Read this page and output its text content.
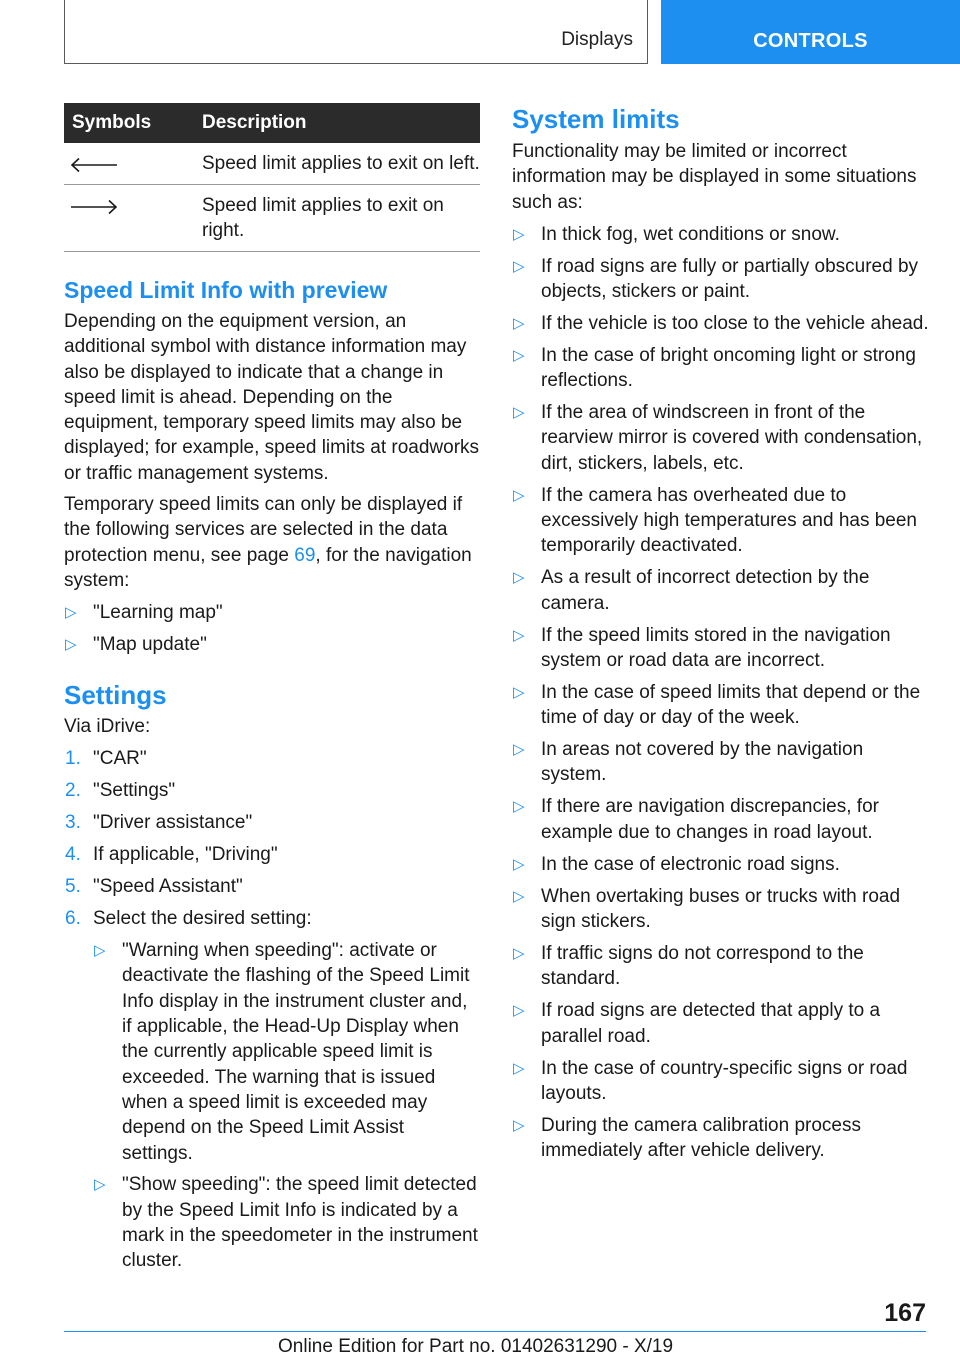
Displays	CONTROLS
Symbols	Description

	Speed limit applies to exit on left.

	Speed limit applies to exit on right.
Speed Limit Info with preview

Depending on the equipment version, an additional symbol with distance information may also be displayed to indicate that a change in speed limit is ahead. Depending on the equipment, temporary speed limits may also be displayed; for example, speed limits at roadworks or traffic management systems.

Temporary speed limits can only be displayed if the following services are selected in the data protection menu, see page 69, for the navigation system:

▷ "Learning map"
▷ "Map update"
Settings

Via iDrive:

1. "CAR"
2. "Settings"
3. "Driver assistance"
4. If applicable, "Driving"
5. "Speed Assistant"
6. Select the desired setting:
▷ "Warning when speeding": activate or deactivate the flashing of the Speed Limit Info display in the instrument cluster and, if applicable, the Head-Up Display when the currently applicable speed limit is exceeded. The warning that is issued when a speed limit is exceeded may depend on the Speed Limit Assist settings.
▷ "Show speeding": the speed limit detected by the Speed Limit Info is indicated by a mark in the speedometer in the instrument cluster.
System limits

Functionality may be limited or incorrect information may be displayed in some situations such as:

▷ In thick fog, wet conditions or snow.
▷ If road signs are fully or partially obscured by objects, stickers or paint.
▷ If the vehicle is too close to the vehicle ahead.
▷ In the case of bright oncoming light or strong reflections.
▷ If the area of windscreen in front of the rearview mirror is covered with condensation, dirt, stickers, labels, etc.
▷ If the camera has overheated due to excessively high temperatures and has been temporarily deactivated.
▷ As a result of incorrect detection by the camera.
▷ If the speed limits stored in the navigation system or road data are incorrect.
▷ In the case of speed limits that depend or the time of day or day of the week.
▷ In areas not covered by the navigation system.
▷ If there are navigation discrepancies, for example due to changes in road layout.
▷ In the case of electronic road signs.
▷ When overtaking buses or trucks with road sign stickers.
▷ If traffic signs do not correspond to the standard.
▷ If road signs are detected that apply to a parallel road.
▷ In the case of country-specific signs or road layouts.
▷ During the camera calibration process immediately after vehicle delivery.
167
Online Edition for Part no. 01402631290 - X/19
